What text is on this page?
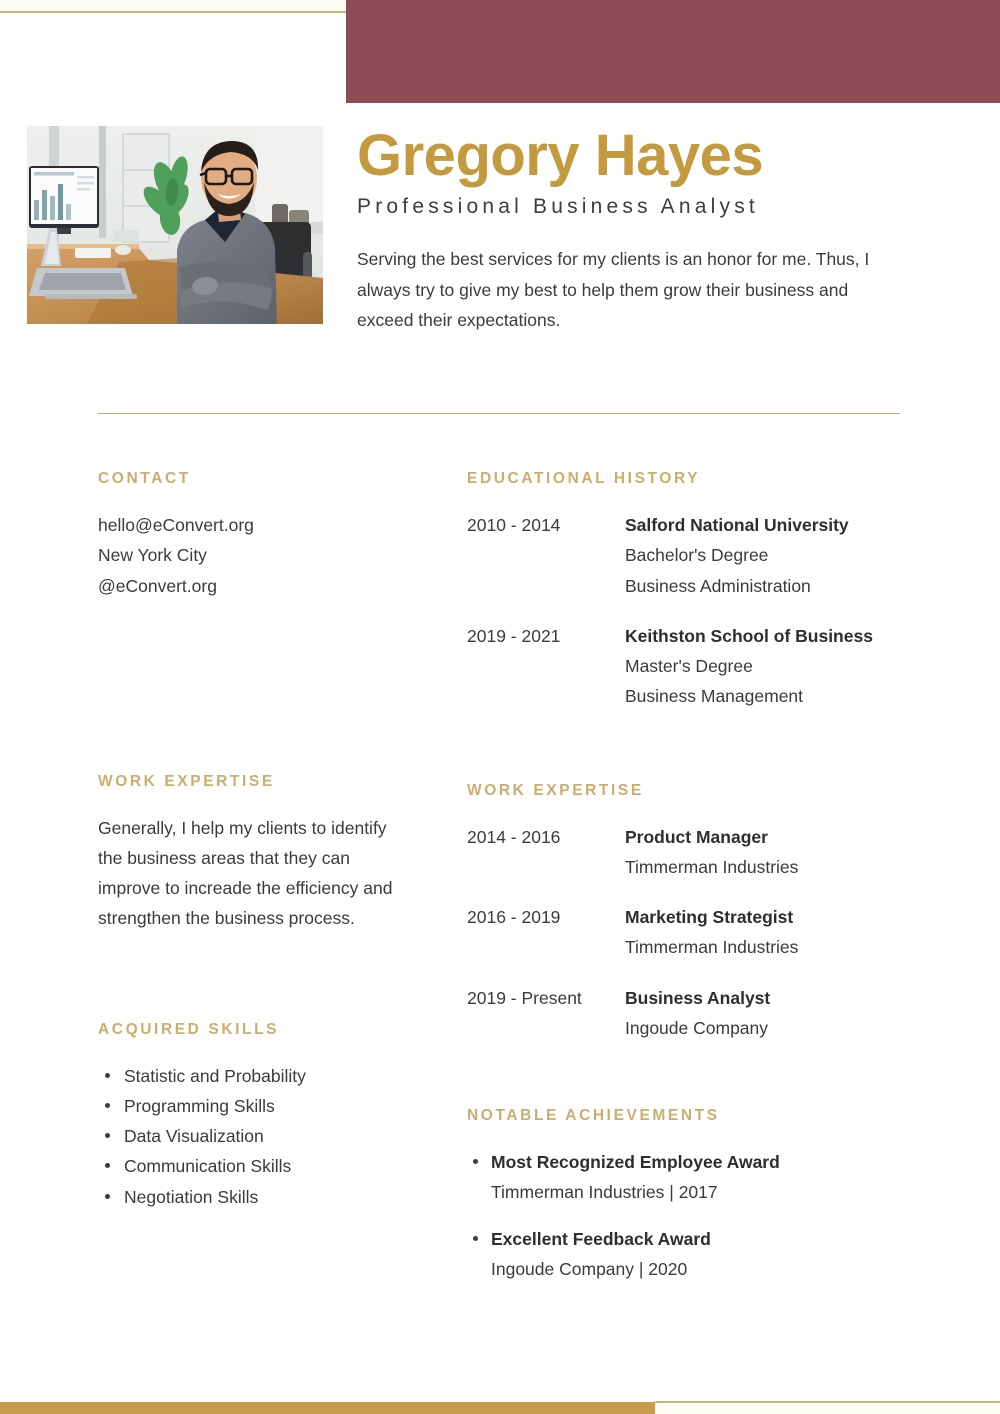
Gregory Hayes
Professional Business Analyst
Serving the best services for my clients is an honor for me. Thus, I always try to give my best to help them grow their business and exceed their expectations.
CONTACT
hello@eConvert.org
New York City
@eConvert.org
WORK EXPERTISE
Generally, I help my clients to identify the business areas that they can improve to increade the efficiency and strengthen the business process.
ACQUIRED SKILLS
Statistic and Probability
Programming Skills
Data Visualization
Communication Skills
Negotiation Skills
EDUCATIONAL HISTORY
2010 - 2014	Salford National University
Bachelor's Degree
Business Administration
2019 - 2021	Keithston School of Business
Master's Degree
Business Management
WORK EXPERTISE
2014 - 2016	Product Manager
Timmerman Industries
2016 - 2019	Marketing Strategist
Timmerman Industries
2019 - Present	Business Analyst
Ingoude Company
NOTABLE ACHIEVEMENTS
Most Recognized Employee Award
Timmerman Industries | 2017
Excellent Feedback Award
Ingoude Company | 2020
